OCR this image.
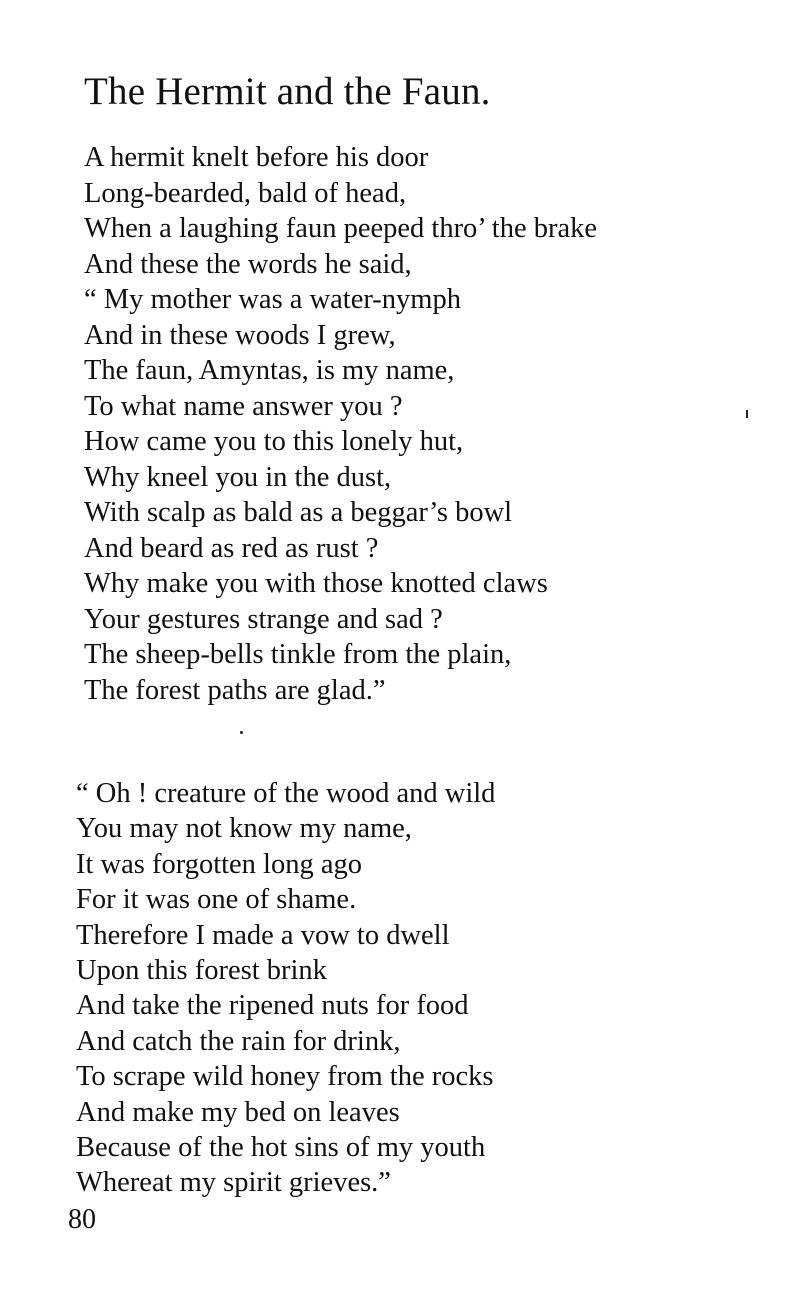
The Hermit and the Faun.
A hermit knelt before his door
Long-bearded, bald of head,
When a laughing faun peeped thro’ the brake
And these the words he said,
“ My mother was a water-nymph
And in these woods I grew,
The faun, Amyntas, is my name,
To what name answer you ?
How came you to this lonely hut,
Why kneel you in the dust,
With scalp as bald as a beggar’s bowl
And beard as red as rust ?
Why make you with those knotted claws
Your gestures strange and sad ?
The sheep-bells tinkle from the plain,
The forest paths are glad.”
“ Oh ! creature of the wood and wild
You may not know my name,
It was forgotten long ago
For it was one of shame.
Therefore I made a vow to dwell
Upon this forest brink
And take the ripened nuts for food
And catch the rain for drink,
To scrape wild honey from the rocks
And make my bed on leaves
Because of the hot sins of my youth
Whereat my spirit grieves.”
80
